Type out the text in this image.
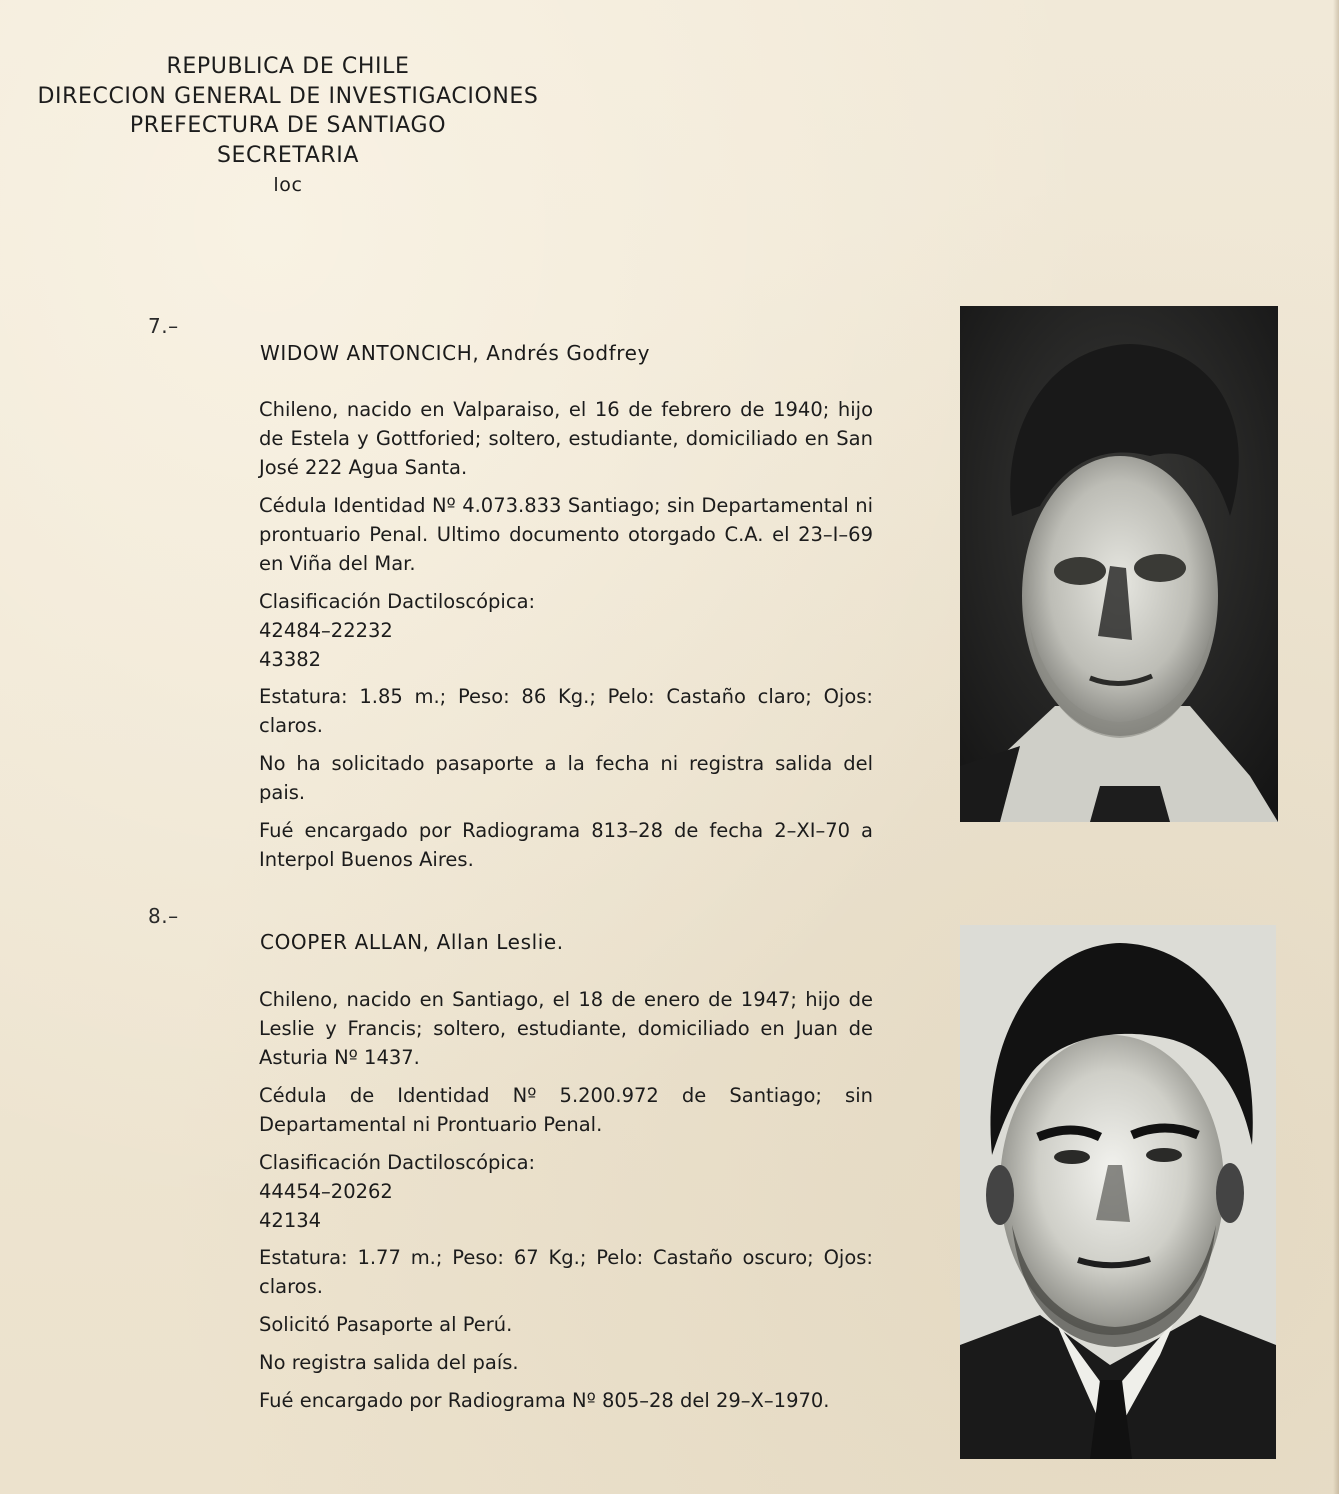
REPUBLICA DE CHILE
DIRECCION GENERAL DE INVESTIGACIONES
PREFECTURA DE SANTIAGO
SECRETARIA
loc
7.–
WIDOW ANTONCICH, Andrés Godfrey

Chileno, nacido en Valparaiso, el 16 de febrero de 1940; hijo de Estela y Gottforied; soltero, estudiante, domiciliado en San José 222 Agua Santa.

Cédula Identidad Nº 4.073.833 Santiago; sin Departamental ni prontuario Penal. Ultimo documento otorgado C.A. el 23–I–69 en Viña del Mar.

Clasificación Dactiloscópica:
42484–22232
43382

Estatura: 1.85 m.; Peso: 86 Kg.; Pelo: Castaño claro; Ojos: claros.

No ha solicitado pasaporte a la fecha ni registra salida del pais.

Fué encargado por Radiograma 813–28 de fecha 2–XI–70 a Interpol Buenos Aires.

8.–
COOPER ALLAN, Allan Leslie.

Chileno, nacido en Santiago, el 18 de enero de 1947; hijo de Leslie y Francis; soltero, estudiante, domiciliado en Juan de Asturia Nº 1437.

Cédula de Identidad Nº 5.200.972 de Santiago; sin Departamental ni Prontuario Penal.

Clasificación Dactiloscópica:
44454–20262
42134

Estatura: 1.77 m.; Peso: 67 Kg.; Pelo: Castaño oscuro; Ojos: claros.

Solicitó Pasaporte al Perú.

No registra salida del país.

Fué encargado por Radiograma Nº 805–28 del 29–X–1970.
